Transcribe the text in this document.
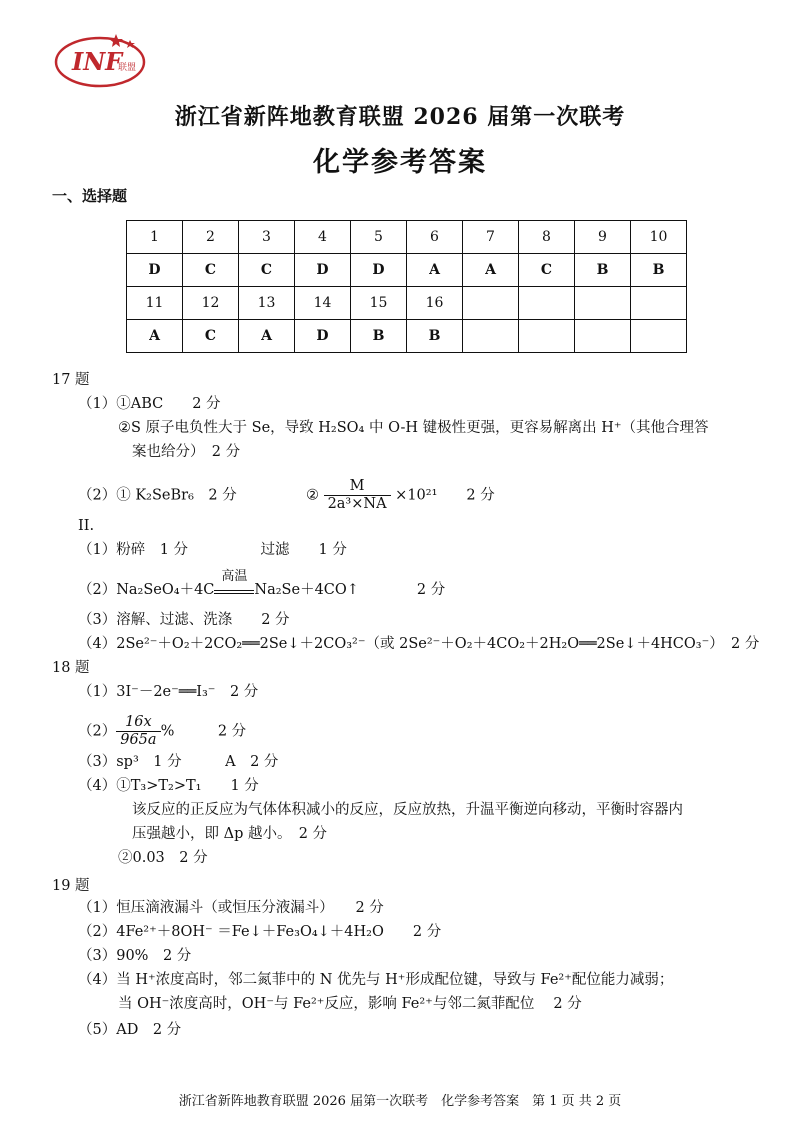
INF
联盟
浙江省新阵地教育联盟 2026 届第一次联考
化学参考答案
一、选择题
1	2	3	4	5	6	7	8	9	10
D	C	C	D	D	A	A	C	B	B
11	12	13	14	15	16				
A	C	A	D	B	B				
17 题
（1）①ABC　　2 分
②S 原子电负性大于 Se，导致 H₂SO₄ 中 O-H 键极性更强，更容易解离出 H⁺（其他合理答
案也给分）　2 分
（2）① K₂SeBr₆　2 分	② $\frac{M}{\text{2a³×NA}} \times 10^{21}$　　2 分
II.
（1）粉碎　1 分　　　　　过滤　　1 分
（2）Na₂SeO₄＋4C
高温
Na₂Se＋4CO↑　　　　2 分
（3）溶解、过滤、洗涤　　2 分
（4）2Se²⁻＋O₂＋2CO₂══2Se↓＋2CO₃²⁻（或 2Se²⁻＋O₂＋4CO₂＋2H₂O══2Se↓＋4HCO₃⁻）　2 分
18 题
（1）3I⁻－2e⁻══I₃⁻　2 分
$(2) \frac{16x}{965a}$ %　　　2 分
（3）sp³　1 分　　　A　2 分
（4）①T₃>T₂>T₁　　1 分
该反应的正反应为气体体积减小的反应，反应放热，升温平衡逆向移动，平衡时容器内
压强越小，即 Δp 越小。　2 分
②0.03　2 分
19 题
（1）恒压滴液漏斗（或恒压分液漏斗）　　2 分
（2）4Fe²⁺＋8OH⁻ ＝Fe↓＋Fe₃O₄↓＋4H₂O　　2 分
（3）90%　2 分
（4）当 H⁺浓度高时，邻二氮菲中的 N 优先与 H⁺形成配位键，导致与 Fe²⁺配位能力减弱；
当 OH⁻浓度高时，OH⁻与 Fe²⁺反应，影响 Fe²⁺与邻二氮菲配位　 2 分
（5）AD　2 分
浙江省新阵地教育联盟 2026 届第一次联考　化学参考答案　第 1 页 共 2 页
